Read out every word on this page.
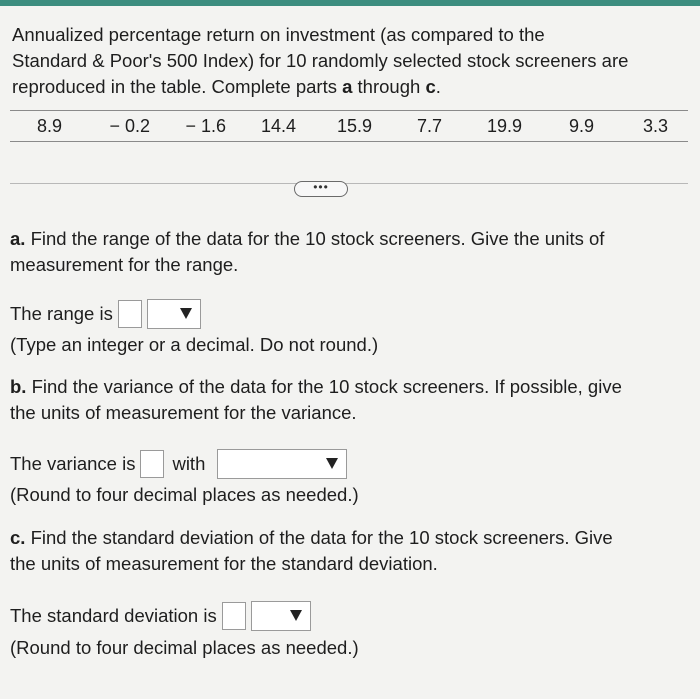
Annualized percentage return on investment (as compared to the
Standard & Poor's 500 Index) for 10 randomly selected stock screeners are
reproduced in the table. Complete parts a through c.
8.9	− 0.2	− 1.6	14.4	15.9	7.7	19.9	9.9	3.3
•••
a. Find the range of the data for the 10 stock screeners. Give the units of
measurement for the range.
The range is
(Type an integer or a decimal. Do not round.)
b. Find the variance of the data for the 10 stock screeners. If possible, give
the units of measurement for the variance.
The variance is with
(Round to four decimal places as needed.)
c. Find the standard deviation of the data for the 10 stock screeners. Give
the units of measurement for the standard deviation.
The standard deviation is
(Round to four decimal places as needed.)
